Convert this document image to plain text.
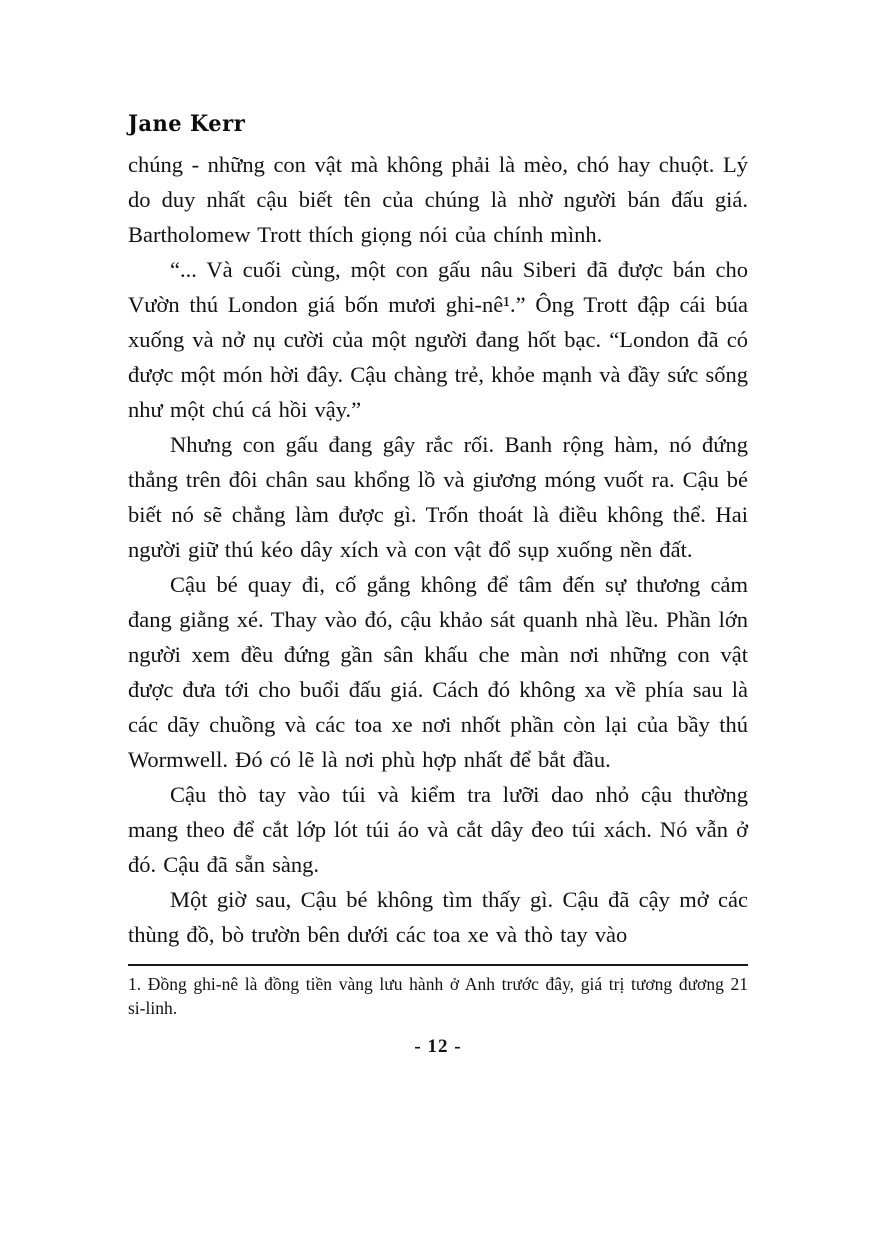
Jane Kerr

chúng - những con vật mà không phải là mèo, chó hay chuột. Lý do duy nhất cậu biết tên của chúng là nhờ người bán đấu giá. Bartholomew Trott thích giọng nói của chính mình.

“... Và cuối cùng, một con gấu nâu Siberi đã được bán cho Vườn thú London giá bốn mươi ghi-nê¹.” Ông Trott đập cái búa xuống và nở nụ cười của một người đang hốt bạc. “London đã có được một món hời đây. Cậu chàng trẻ, khỏe mạnh và đầy sức sống như một chú cá hồi vậy.”

Nhưng con gấu đang gây rắc rối. Banh rộng hàm, nó đứng thẳng trên đôi chân sau khổng lồ và giương móng vuốt ra. Cậu bé biết nó sẽ chẳng làm được gì. Trốn thoát là điều không thể. Hai người giữ thú kéo dây xích và con vật đổ sụp xuống nền đất.

Cậu bé quay đi, cố gắng không để tâm đến sự thương cảm đang giằng xé. Thay vào đó, cậu khảo sát quanh nhà lều. Phần lớn người xem đều đứng gần sân khấu che màn nơi những con vật được đưa tới cho buổi đấu giá. Cách đó không xa về phía sau là các dãy chuồng và các toa xe nơi nhốt phần còn lại của bầy thú Wormwell. Đó có lẽ là nơi phù hợp nhất để bắt đầu.

Cậu thò tay vào túi và kiểm tra lưỡi dao nhỏ cậu thường mang theo để cắt lớp lót túi áo và cắt dây đeo túi xách. Nó vẫn ở đó. Cậu đã sẵn sàng.

Một giờ sau, Cậu bé không tìm thấy gì. Cậu đã cậy mở các thùng đồ, bò trườn bên dưới các toa xe và thò tay vào

1. Đồng ghi-nê là đồng tiền vàng lưu hành ở Anh trước đây, giá trị tương đương 21 si-linh.

- 12 -
